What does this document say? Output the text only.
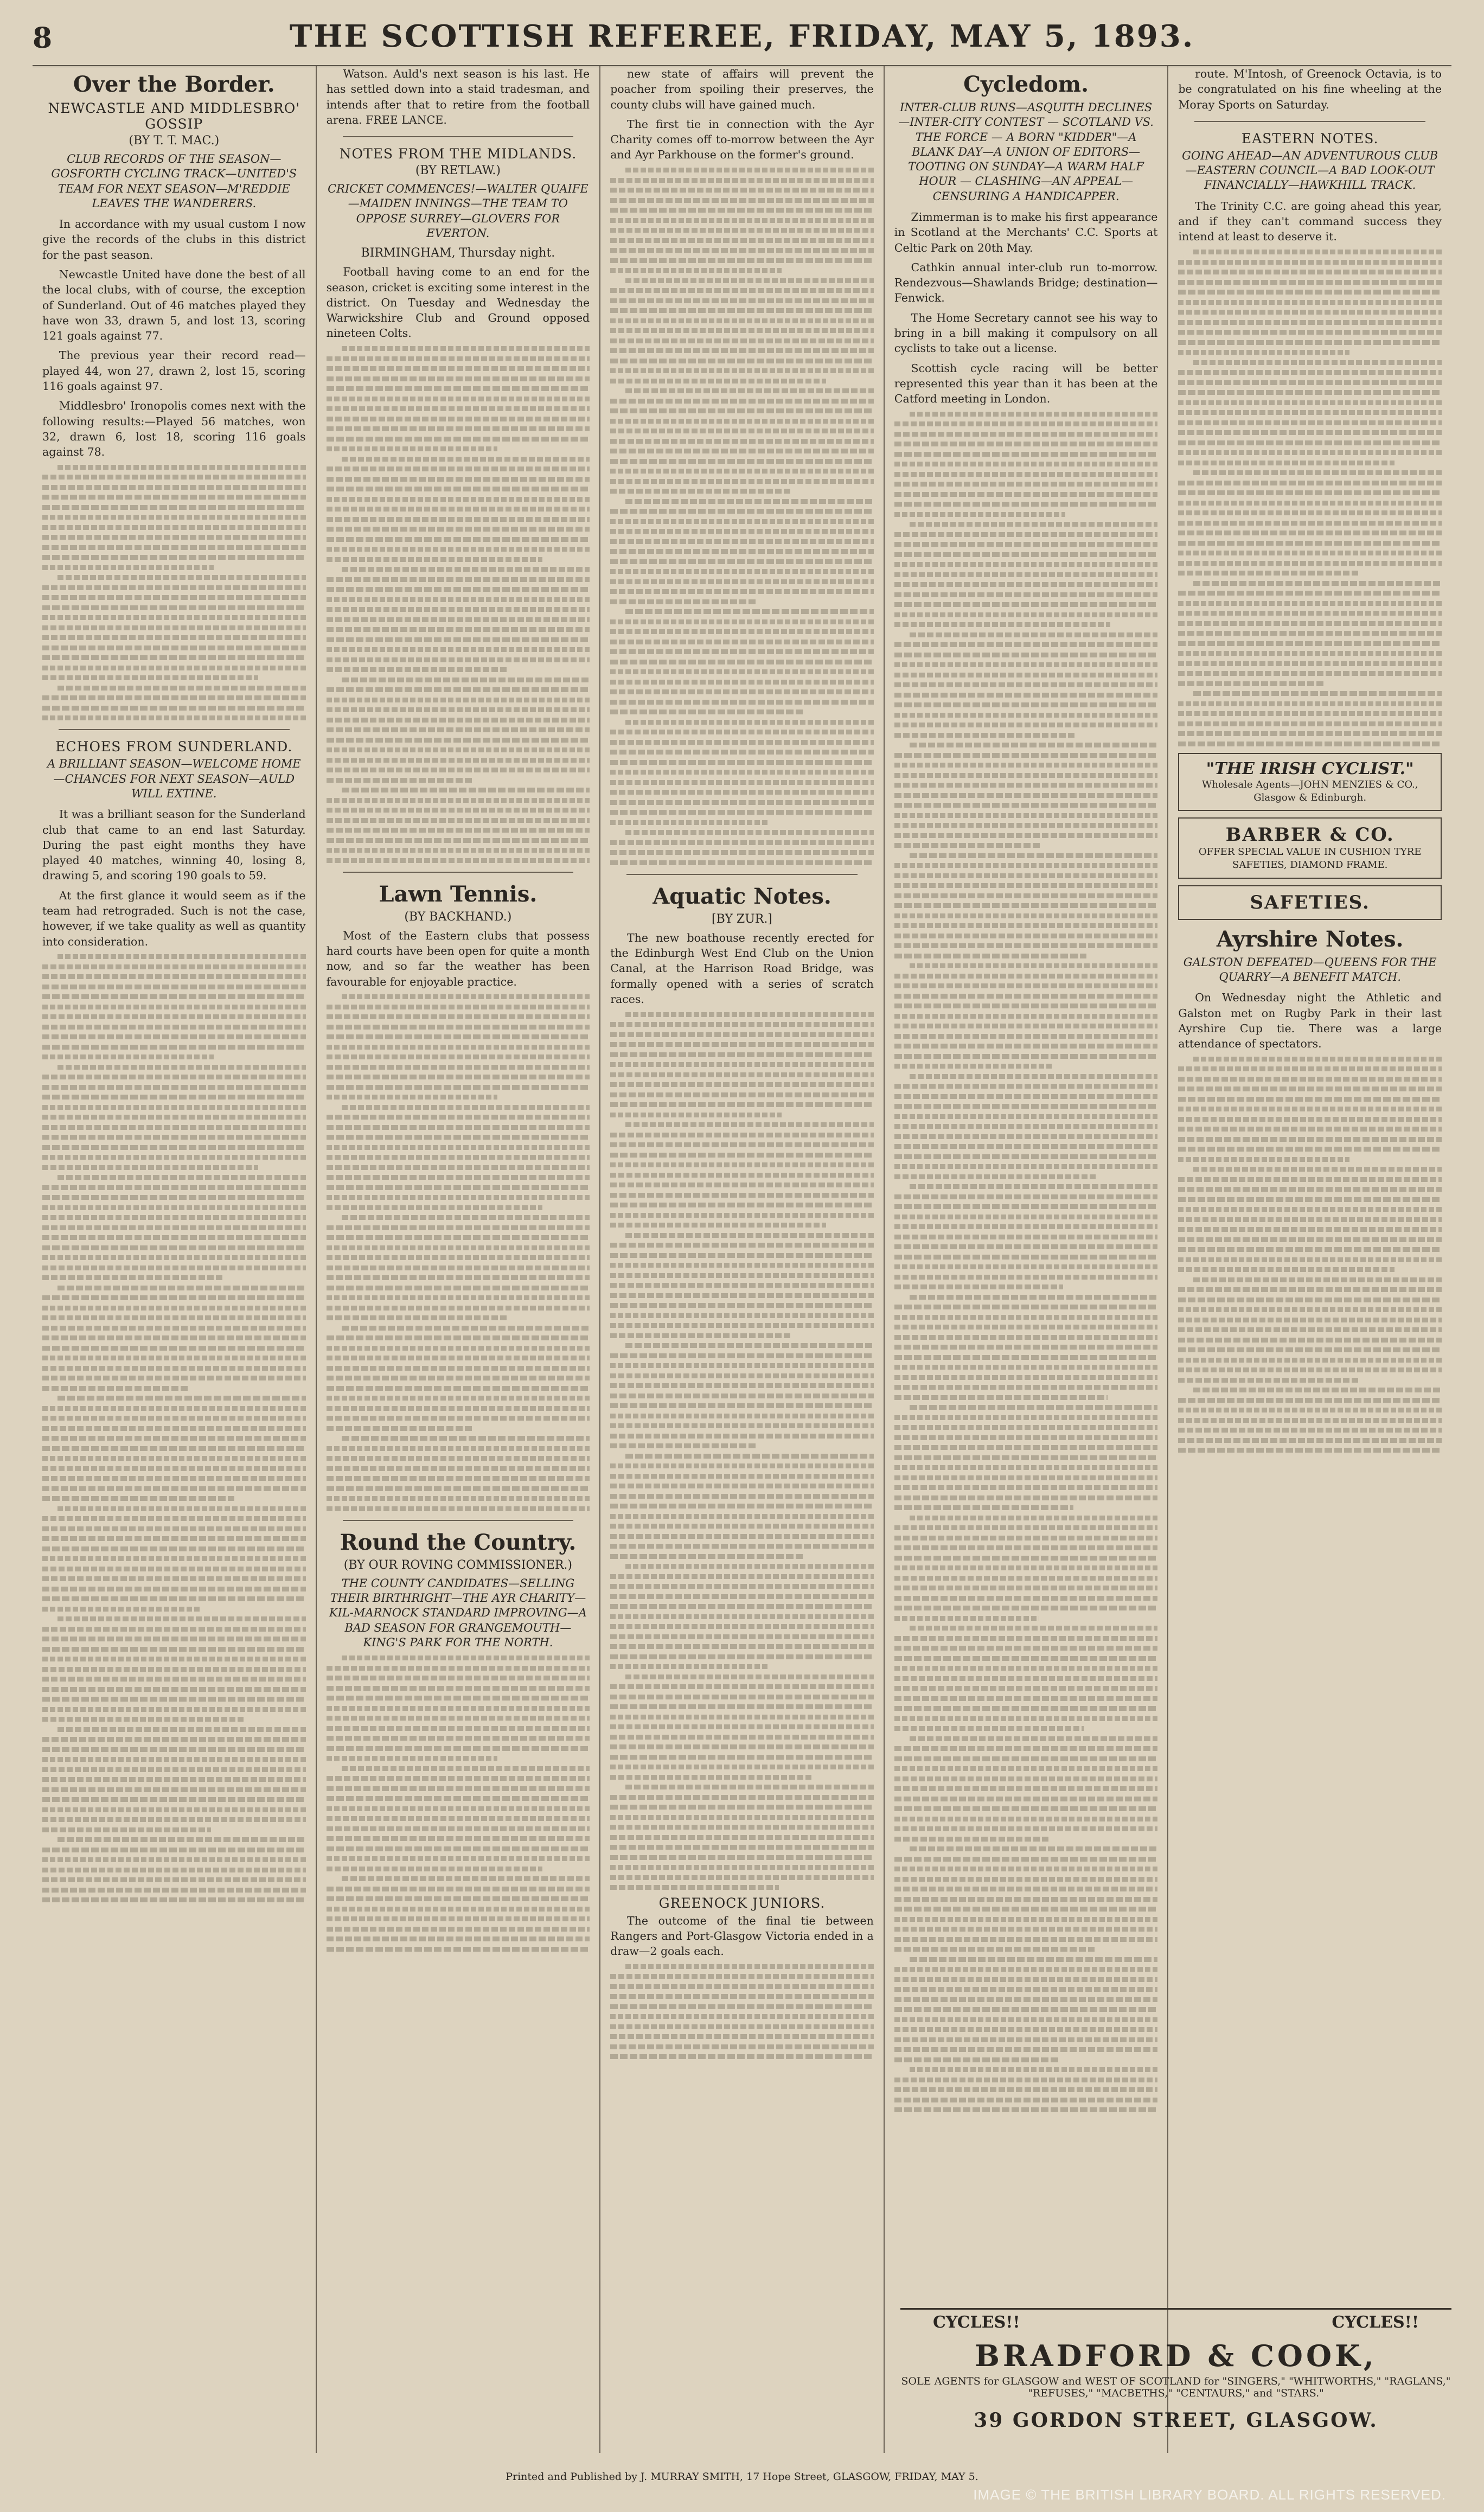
8	THE SCOTTISH REFEREE, FRIDAY, MAY 5, 1893.
Over the Border.
NEWCASTLE AND MIDDLESBRO' GOSSIP
(BY T. T. MAC.)
CLUB RECORDS OF THE SEASON—GOSFORTH CYCLING TRACK—UNITED'S TEAM FOR NEXT SEASON—M'REDDIE LEAVES THE WANDERERS.

In accordance with my usual custom I now give the records of the clubs in this district for the past season.

Newcastle United have done the best of all the local clubs, with of course, the exception of Sunderland. Out of 46 matches played they have won 33, drawn 5, and lost 13, scoring 121 goals against 77.

The previous year their record read—played 44, won 27, drawn 2, lost 15, scoring 116 goals against 97.

Middlesbro' Ironopolis comes next with the following results:—Played 56 matches, won 32, drawn 6, lost 18, scoring 116 goals against 78.

ECHOES FROM SUNDERLAND.
A BRILLIANT SEASON—WELCOME HOME—CHANCES FOR NEXT SEASON—AULD WILL EXTINE.

It was a brilliant season for the Sunderland club that came to an end last Saturday. During the past eight months they have played 40 matches, winning 40, losing 8, drawing 5, and scoring 190 goals to 59.

At the first glance it would seem as if the team had retrograded. Such is not the case, however, if we take quality as well as quantity into consideration.

Watson. Auld's next season is his last. He has settled down into a staid tradesman, and intends after that to retire from the football arena. FREE LANCE.

NOTES FROM THE MIDLANDS.
(BY RETLAW.)
CRICKET COMMENCES!—WALTER QUAIFE—MAIDEN INNINGS—THE TEAM TO OPPOSE SURREY—GLOVERS FOR EVERTON.
BIRMINGHAM, Thursday night.

Football having come to an end for the season, cricket is exciting some interest in the district. On Tuesday and Wednesday the Warwickshire Club and Ground opposed nineteen Colts.

Lawn Tennis.
(BY BACKHAND.)

Most of the Eastern clubs that possess hard courts have been open for quite a month now, and so far the weather has been favourable for enjoyable practice.

Round the Country.
(BY OUR ROVING COMMISSIONER.)
THE COUNTY CANDIDATES—SELLING THEIR BIRTHRIGHT—THE AYR CHARITY—KIL-MARNOCK STANDARD IMPROVING—A BAD SEASON FOR GRANGEMOUTH—KING'S PARK FOR THE NORTH.

new state of affairs will prevent the poacher from spoiling their preserves, the county clubs will have gained much.

The first tie in connection with the Ayr Charity comes off to-morrow between the Ayr and Ayr Parkhouse on the former's ground.

Aquatic Notes.
[BY ZUR.]

The new boathouse recently erected for the Edinburgh West End Club on the Union Canal, at the Harrison Road Bridge, was formally opened with a series of scratch races.

GREENOCK JUNIORS.

The outcome of the final tie between Rangers and Port-Glasgow Victoria ended in a draw—2 goals each.

Cycledom.
INTER-CLUB RUNS—ASQUITH DECLINES—INTER-CITY CONTEST — SCOTLAND VS. THE FORCE — A BORN "KIDDER"—A BLANK DAY—A UNION OF EDITORS—TOOTING ON SUNDAY—A WARM HALF HOUR — CLASHING—AN APPEAL—CENSURING A HANDICAPPER.

Zimmerman is to make his first appearance in Scotland at the Merchants' C.C. Sports at Celtic Park on 20th May.

Cathkin annual inter-club run to-morrow. Rendezvous—Shawlands Bridge; destination—Fenwick.

The Home Secretary cannot see his way to bring in a bill making it compulsory on all cyclists to take out a license.

Scottish cycle racing will be better represented this year than it has been at the Catford meeting in London.

route. M'Intosh, of Greenock Octavia, is to be congratulated on his fine wheeling at the Moray Sports on Saturday.

EASTERN NOTES.
GOING AHEAD—AN ADVENTUROUS CLUB—EASTERN COUNCIL—A BAD LOOK-OUT FINANCIALLY—HAWKHILL TRACK.

The Trinity C.C. are going ahead this year, and if they can't command success they intend at least to deserve it.

"THE IRISH CYCLIST."
Wholesale Agents—JOHN MENZIES & CO., Glasgow & Edinburgh.
BARBER & CO.
OFFER SPECIAL VALUE IN CUSHION TYRE SAFETIES, DIAMOND FRAME.
SAFETIES.
Ayrshire Notes.
GALSTON DEFEATED—QUEENS FOR THE QUARRY—A BENEFIT MATCH.

On Wednesday night the Athletic and Galston met on Rugby Park in their last Ayrshire Cup tie. There was a large attendance of spectators.

CYCLES!!	CYCLES!!
BRADFORD & COOK,
SOLE AGENTS for GLASGOW and WEST OF SCOTLAND for "SINGERS," "WHITWORTHS," "RAGLANS," "REFUSES," "MACBETHS," "CENTAURS," and "STARS."
39 GORDON STREET, GLASGOW.
Printed and Published by J. MURRAY SMITH, 17 Hope Street, GLASGOW, FRIDAY, MAY 5.
IMAGE © THE BRITISH LIBRARY BOARD. ALL RIGHTS RESERVED.
